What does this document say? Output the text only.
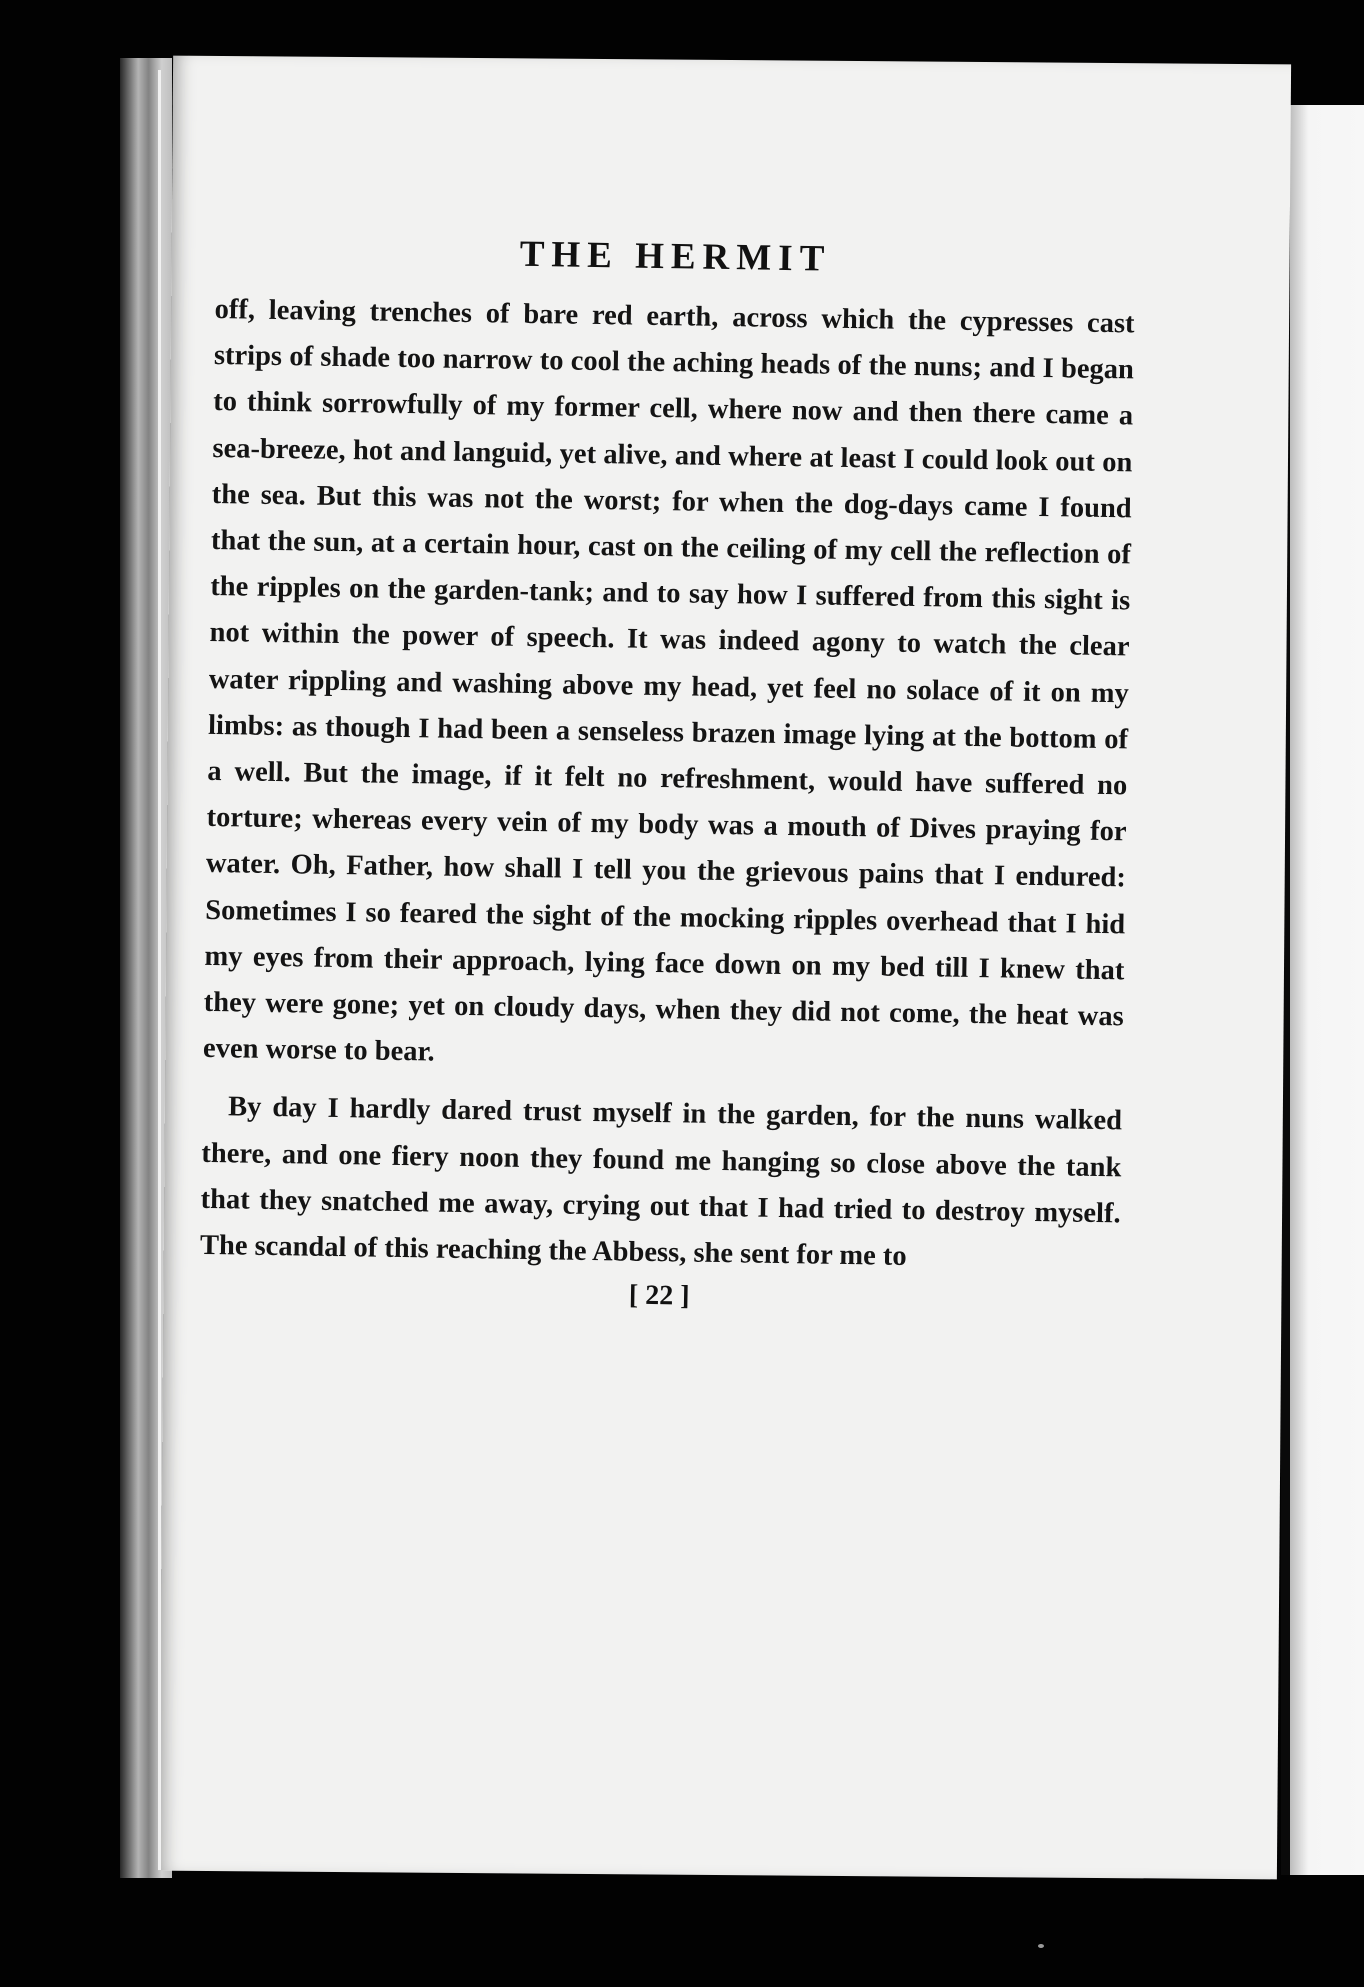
THE HERMIT

off, leaving trenches of bare red earth, across which the cypresses cast strips of shade too narrow to cool the aching heads of the nuns; and I began to think sorrowfully of my former cell, where now and then there came a sea-breeze, hot and languid, yet alive, and where at least I could look out on the sea. But this was not the worst; for when the dog-days came I found that the sun, at a certain hour, cast on the ceiling of my cell the reflection of the ripples on the garden-tank; and to say how I suffered from this sight is not within the power of speech. It was indeed agony to watch the clear water rippling and washing above my head, yet feel no solace of it on my limbs: as though I had been a senseless brazen image lying at the bottom of a well. But the image, if it felt no refreshment, would have suffered no torture; whereas every vein of my body was a mouth of Dives praying for water. Oh, Father, how shall I tell you the grievous pains that I endured: Sometimes I so feared the sight of the mocking ripples overhead that I hid my eyes from their approach, lying face down on my bed till I knew that they were gone; yet on cloudy days, when they did not come, the heat was even worse to bear.

By day I hardly dared trust myself in the garden, for the nuns walked there, and one fiery noon they found me hanging so close above the tank that they snatched me away, crying out that I had tried to destroy myself. The scandal of this reaching the Abbess, she sent for me to

[ 22 ]
